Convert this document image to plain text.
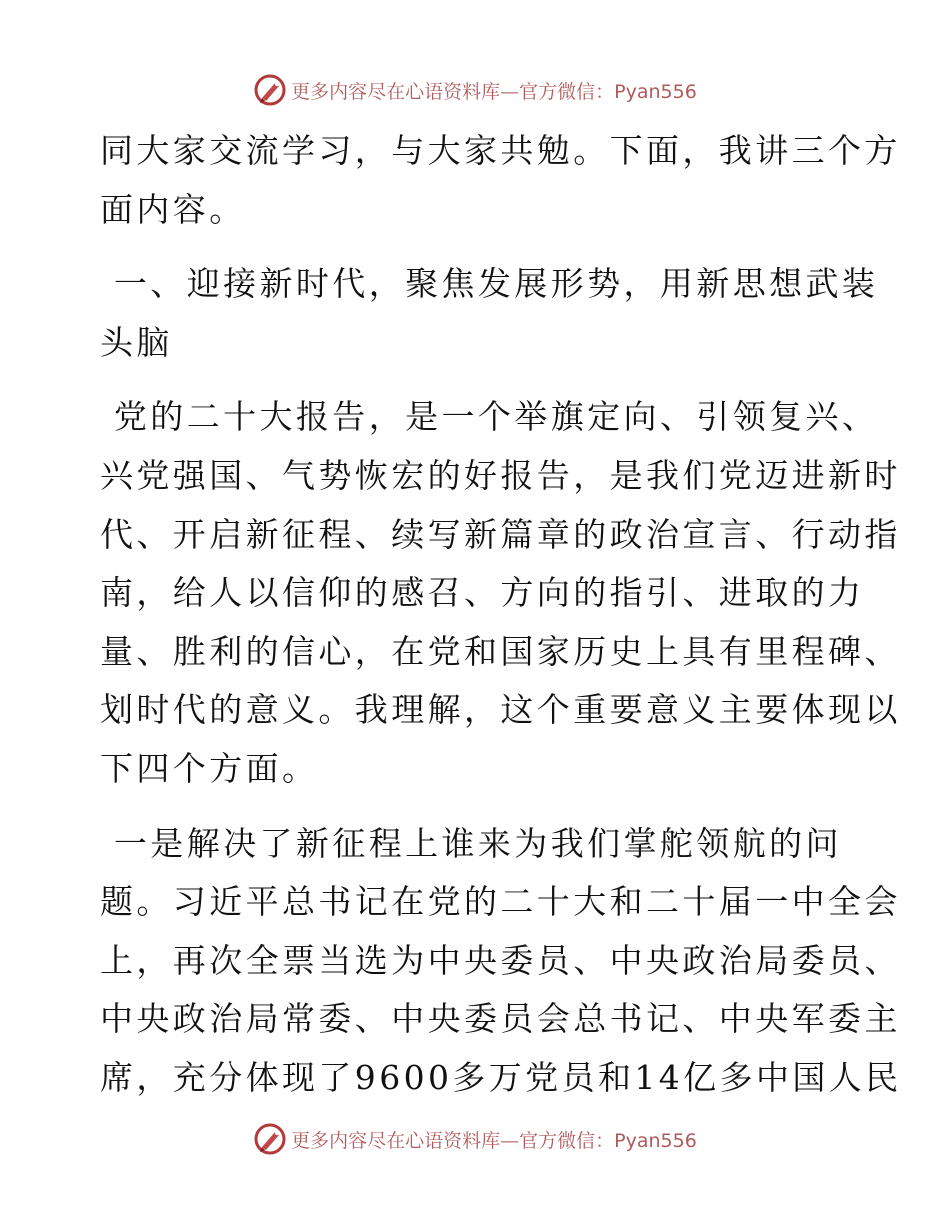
更多内容尽在心语资料库—官方微信：Pyan556

同大家交流学习，与大家共勉。下面，我讲三个方
面内容。

一、迎接新时代，聚焦发展形势，用新思想武装
头脑

党的二十大报告，是一个举旗定向、引领复兴、
兴党强国、气势恢宏的好报告，是我们党迈进新时
代、开启新征程、续写新篇章的政治宣言、行动指
南，给人以信仰的感召、方向的指引、进取的力
量、胜利的信心，在党和国家历史上具有里程碑、
划时代的意义。我理解，这个重要意义主要体现以
下四个方面。

一是解决了新征程上谁来为我们掌舵领航的问
题。习近平总书记在党的二十大和二十届一中全会
上，再次全票当选为中央委员、中央政治局委员、
中央政治局常委、中央委员会总书记、中央军委主
席，充分体现了9600多万党员和14亿多中国人民

更多内容尽在心语资料库—官方微信：Pyan556
